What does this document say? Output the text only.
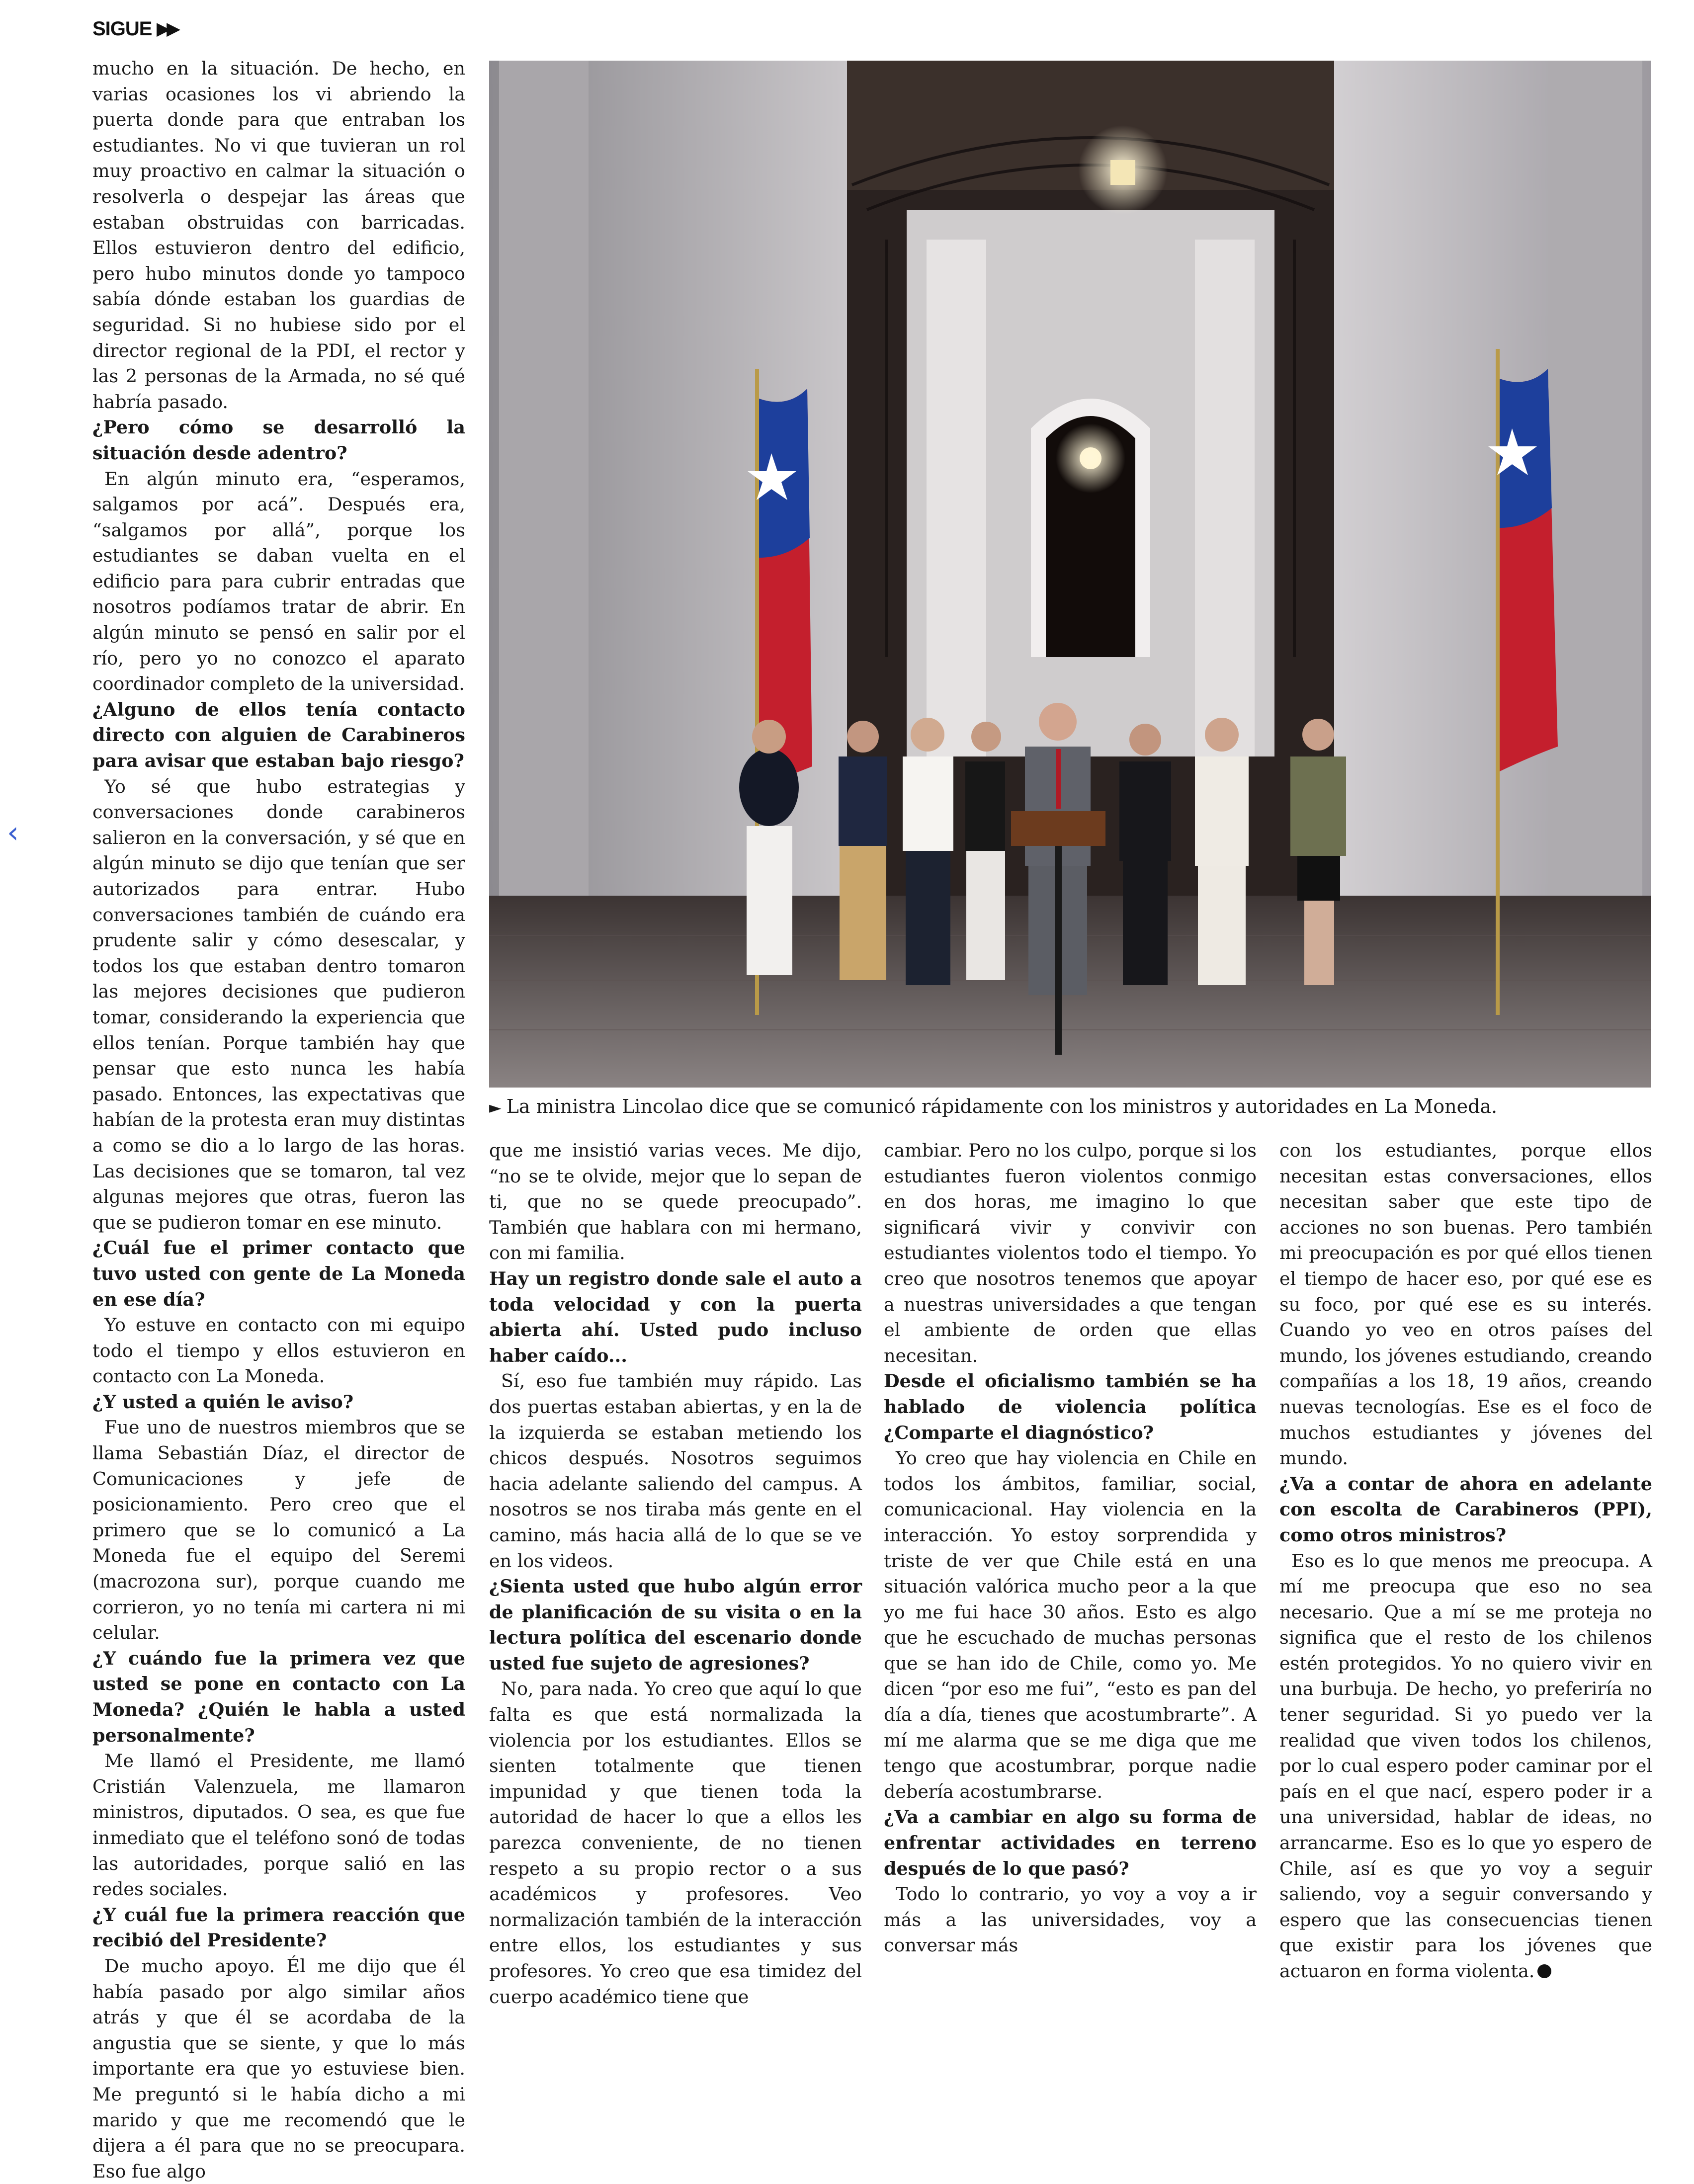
SIGUE ▶▶
‹

mucho en la situación. De hecho, en varias ocasiones los vi abriendo la puerta donde para que entraban los estudiantes. No vi que tuvieran un rol muy proactivo en calmar la situación o resolverla o despejar las áreas que estaban obstruidas con barricadas. Ellos estuvieron dentro del edificio, pero hubo minutos donde yo tampoco sabía dónde estaban los guardias de seguridad. Si no hubiese sido por el director regional de la PDI, el rector y las 2 personas de la Armada, no sé qué habría pasado.

¿Pero cómo se desarrolló la situación desde adentro?

En algún minuto era, “esperamos, salgamos por acá”. Después era, “salgamos por allá”, porque los estudiantes se daban vuelta en el edificio para para cubrir entradas que nosotros podíamos tratar de abrir. En algún minuto se pensó en salir por el río, pero yo no conozco el aparato coordinador completo de la universidad.

¿Alguno de ellos tenía contacto directo con alguien de Carabineros para avisar que estaban bajo riesgo?

Yo sé que hubo estrategias y conversaciones donde carabineros salieron en la conversación, y sé que en algún minuto se dijo que tenían que ser autorizados para entrar. Hubo conversaciones también de cuándo era prudente salir y cómo desescalar, y todos los que estaban dentro tomaron las mejores decisiones que pudieron tomar, considerando la experiencia que ellos tenían. Porque también hay que pensar que esto nunca les había pasado. Entonces, las expectativas que habían de la protesta eran muy distintas a como se dio a lo largo de las horas. Las decisiones que se tomaron, tal vez algunas mejores que otras, fueron las que se pudieron tomar en ese minuto.

¿Cuál fue el primer contacto que tuvo usted con gente de La Moneda en ese día?

Yo estuve en contacto con mi equipo todo el tiempo y ellos estuvieron en contacto con La Moneda.

¿Y usted a quién le aviso?

Fue uno de nuestros miembros que se llama Sebastián Díaz, el director de Comunicaciones y jefe de posicionamiento. Pero creo que el primero que se lo comunicó a La Moneda fue el equipo del Seremi (macrozona sur), porque cuando me corrieron, yo no tenía mi cartera ni mi celular.

¿Y cuándo fue la primera vez que usted se pone en contacto con La Moneda? ¿Quién le habla a usted personalmente?

Me llamó el Presidente, me llamó Cristián Valenzuela, me llamaron ministros, diputados. O sea, es que fue inmediato que el teléfono sonó de todas las autoridades, porque salió en las redes sociales.

¿Y cuál fue la primera reacción que recibió del Presidente?

De mucho apoyo. Él me dijo que él había pasado por algo similar años atrás y que él se acordaba de la angustia que se siente, y que lo más importante era que yo estuviese bien. Me preguntó si le había dicho a mi marido y que me recomendó que le dijera a él para que no se preocupara. Eso fue algo

► La ministra Lincolao dice que se comunicó rápidamente con los ministros y autoridades en La Moneda.

que me insistió varias veces. Me dijo, “no se te olvide, mejor que lo sepan de ti, que no se quede preocupado”. También que hablara con mi hermano, con mi familia.

Hay un registro donde sale el auto a toda velocidad y con la puerta abierta ahí. Usted pudo incluso haber caído...

Sí, eso fue también muy rápido. Las dos puertas estaban abiertas, y en la de la izquierda se estaban metiendo los chicos después. Nosotros seguimos hacia adelante saliendo del campus. A nosotros se nos tiraba más gente en el camino, más hacia allá de lo que se ve en los videos.

¿Sienta usted que hubo algún error de planificación de su visita o en la lectura política del escenario donde usted fue sujeto de agresiones?

No, para nada. Yo creo que aquí lo que falta es que está normalizada la violencia por los estudiantes. Ellos se sienten totalmente que tienen impunidad y que tienen toda la autoridad de hacer lo que a ellos les parezca conveniente, de no tienen respeto a su propio rector o a sus académicos y profesores. Veo normalización también de la interacción entre ellos, los estudiantes y sus profesores. Yo creo que esa timidez del cuerpo académico tiene que

cambiar. Pero no los culpo, porque si los estudiantes fueron violentos conmigo en dos horas, me imagino lo que significará vivir y convivir con estudiantes violentos todo el tiempo. Yo creo que nosotros tenemos que apoyar a nuestras universidades a que tengan el ambiente de orden que ellas necesitan.

Desde el oficialismo también se ha hablado de violencia política ¿Comparte el diagnóstico?

Yo creo que hay violencia en Chile en todos los ámbitos, familiar, social, comunicacional. Hay violencia en la interacción. Yo estoy sorprendida y triste de ver que Chile está en una situación valórica mucho peor a la que yo me fui hace 30 años. Esto es algo que he escuchado de muchas personas que se han ido de Chile, como yo. Me dicen “por eso me fui”, “esto es pan del día a día, tienes que acostumbrarte”. A mí me alarma que se me diga que me tengo que acostumbrar, porque nadie debería acostumbrarse.

¿Va a cambiar en algo su forma de enfrentar actividades en terreno después de lo que pasó?

Todo lo contrario, yo voy a voy a ir más a las universidades, voy a conversar más

con los estudiantes, porque ellos necesitan estas conversaciones, ellos necesitan saber que este tipo de acciones no son buenas. Pero también mi preocupación es por qué ellos tienen el tiempo de hacer eso, por qué ese es su foco, por qué ese es su interés. Cuando yo veo en otros países del mundo, los jóvenes estudiando, creando compañías a los 18, 19 años, creando nuevas tecnologías. Ese es el foco de muchos estudiantes y jóvenes del mundo.

¿Va a contar de ahora en adelante con escolta de Carabineros (PPI), como otros ministros?

Eso es lo que menos me preocupa. A mí me preocupa que eso no sea necesario. Que a mí se me proteja no significa que el resto de los chilenos estén protegidos. Yo no quiero vivir en una burbuja. De hecho, yo preferiría no tener seguridad. Si yo puedo ver la realidad que viven todos los chilenos, por lo cual espero poder caminar por el país en el que nací, espero poder ir a una universidad, hablar de ideas, no arrancarme. Eso es lo que yo espero de Chile, así es que yo voy a seguir saliendo, voy a seguir conversando y espero que las consecuencias tienen que existir para los jóvenes que actuaron en forma violenta.
